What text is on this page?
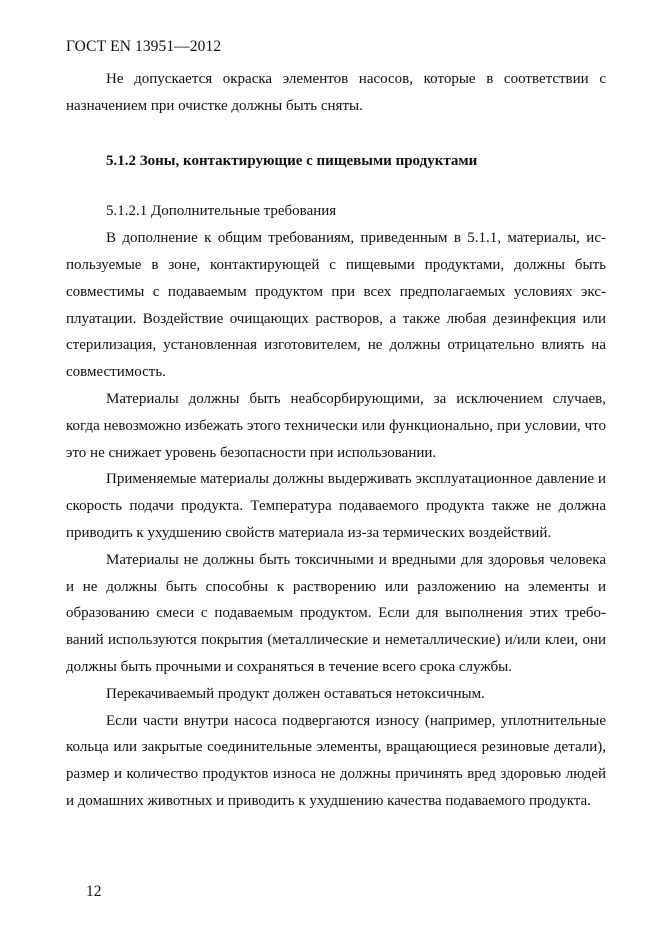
ГОСТ EN 13951—2012

Не допускается окраска элементов насосов, которые в соответствии с назначением при очистке должны быть сняты.

5.1.2 Зоны, контактирующие с пищевыми продуктами

5.1.2.1 Дополнительные требования

В дополнение к общим требованиям, приведенным в 5.1.1, материалы, используемые в зоне, контактирующей с пищевыми продуктами, должны быть совместимы с подаваемым продуктом при всех предполагаемых условиях эксплуатации. Воздействие очищающих растворов, а также любая дезинфекция или стерилизация, установленная изготовителем, не должны отрицательно влиять на совместимость.

Материалы должны быть неабсорбирующими, за исключением случаев, когда невозможно избежать этого технически или функционально, при условии, что это не снижает уровень безопасности при использовании.

Применяемые материалы должны выдерживать эксплуатационное давление и скорость подачи продукта. Температура подаваемого продукта также не должна приводить к ухудшению свойств материала из-за термических воздействий.

Материалы не должны быть токсичными и вредными для здоровья человека и не должны быть способны к растворению или разложению на элементы и образованию смеси с подаваемым продуктом. Если для выполнения этих требований используются покрытия (металлические и неметаллические) и/или клеи, они должны быть прочными и сохраняться в течение всего срока службы.

Перекачиваемый продукт должен оставаться нетоксичным.

Если части внутри насоса подвергаются износу (например, уплотнительные кольца или закрытые соединительные элементы, вращающиеся резиновые детали), размер и количество продуктов износа не должны причинять вред здоровью людей и домашних животных и приводить к ухудшению качества подаваемого продукта.

12
